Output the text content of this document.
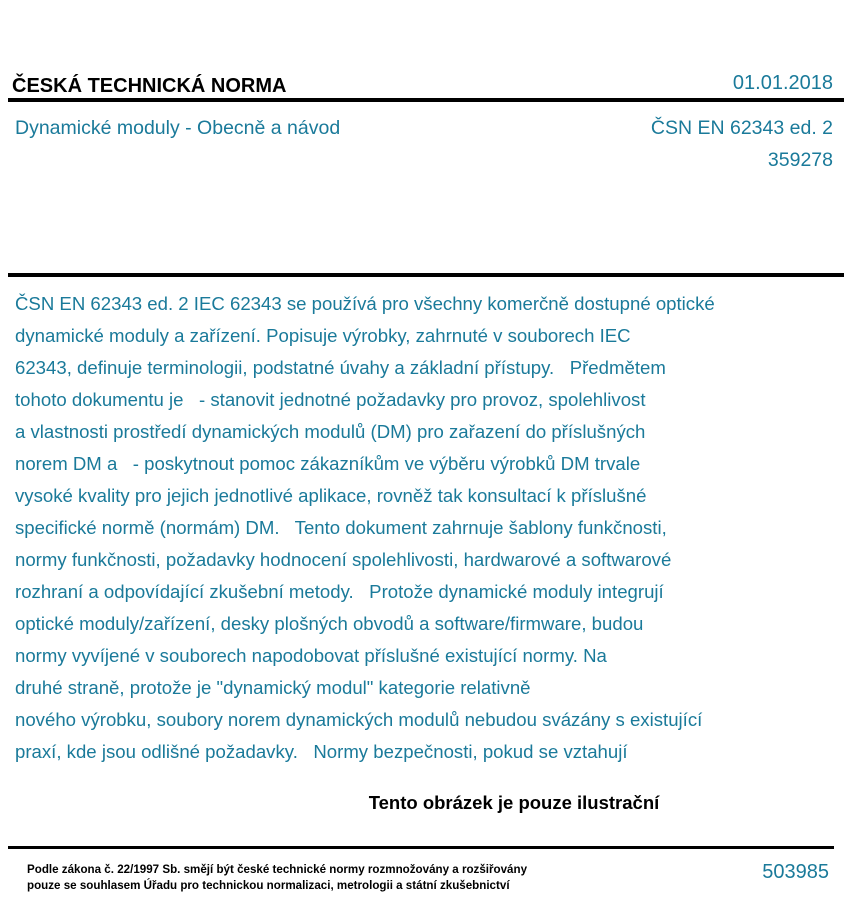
ČESKÁ TECHNICKÁ NORMA	01.01.2018
Dynamické moduly - Obecně a návod	ČSN EN 62343 ed. 2
359278
ČSN EN 62343 ed. 2 IEC 62343 se používá pro všechny komerčně dostupné optické
dynamické moduly a zařízení. Popisuje výrobky, zahrnuté v souborech IEC
62343, definuje terminologii, podstatné úvahy a základní přístupy.   Předmětem
tohoto dokumentu je   - stanovit jednotné požadavky pro provoz, spolehlivost
a vlastnosti prostředí dynamických modulů (DM) pro zařazení do příslušných
norem DM a   - poskytnout pomoc zákazníkům ve výběru výrobků DM trvale
vysoké kvality pro jejich jednotlivé aplikace, rovněž tak konsultací k příslušné
specifické normě (normám) DM.   Tento dokument zahrnuje šablony funkčnosti,
normy funkčnosti, požadavky hodnocení spolehlivosti, hardwarové a softwarové
rozhraní a odpovídající zkušební metody.   Protože dynamické moduly integrují
optické moduly/zařízení, desky plošných obvodů a software/firmware, budou
normy vyvíjené v souborech napodobovat příslušné existující normy. Na
druhé straně, protože je "dynamický modul" kategorie relativně
nového výrobku, soubory norem dynamických modulů nebudou svázány s existující
praxí, kde jsou odlišné požadavky.   Normy bezpečnosti, pokud se vztahují
Tento obrázek je pouze ilustrační
Podle zákona č. 22/1997 Sb. smějí být české technické normy rozmnožovány a rozšiřovány
pouze se souhlasem Úřadu pro technickou normalizaci, metrologii a státní zkušebnictví
503985
